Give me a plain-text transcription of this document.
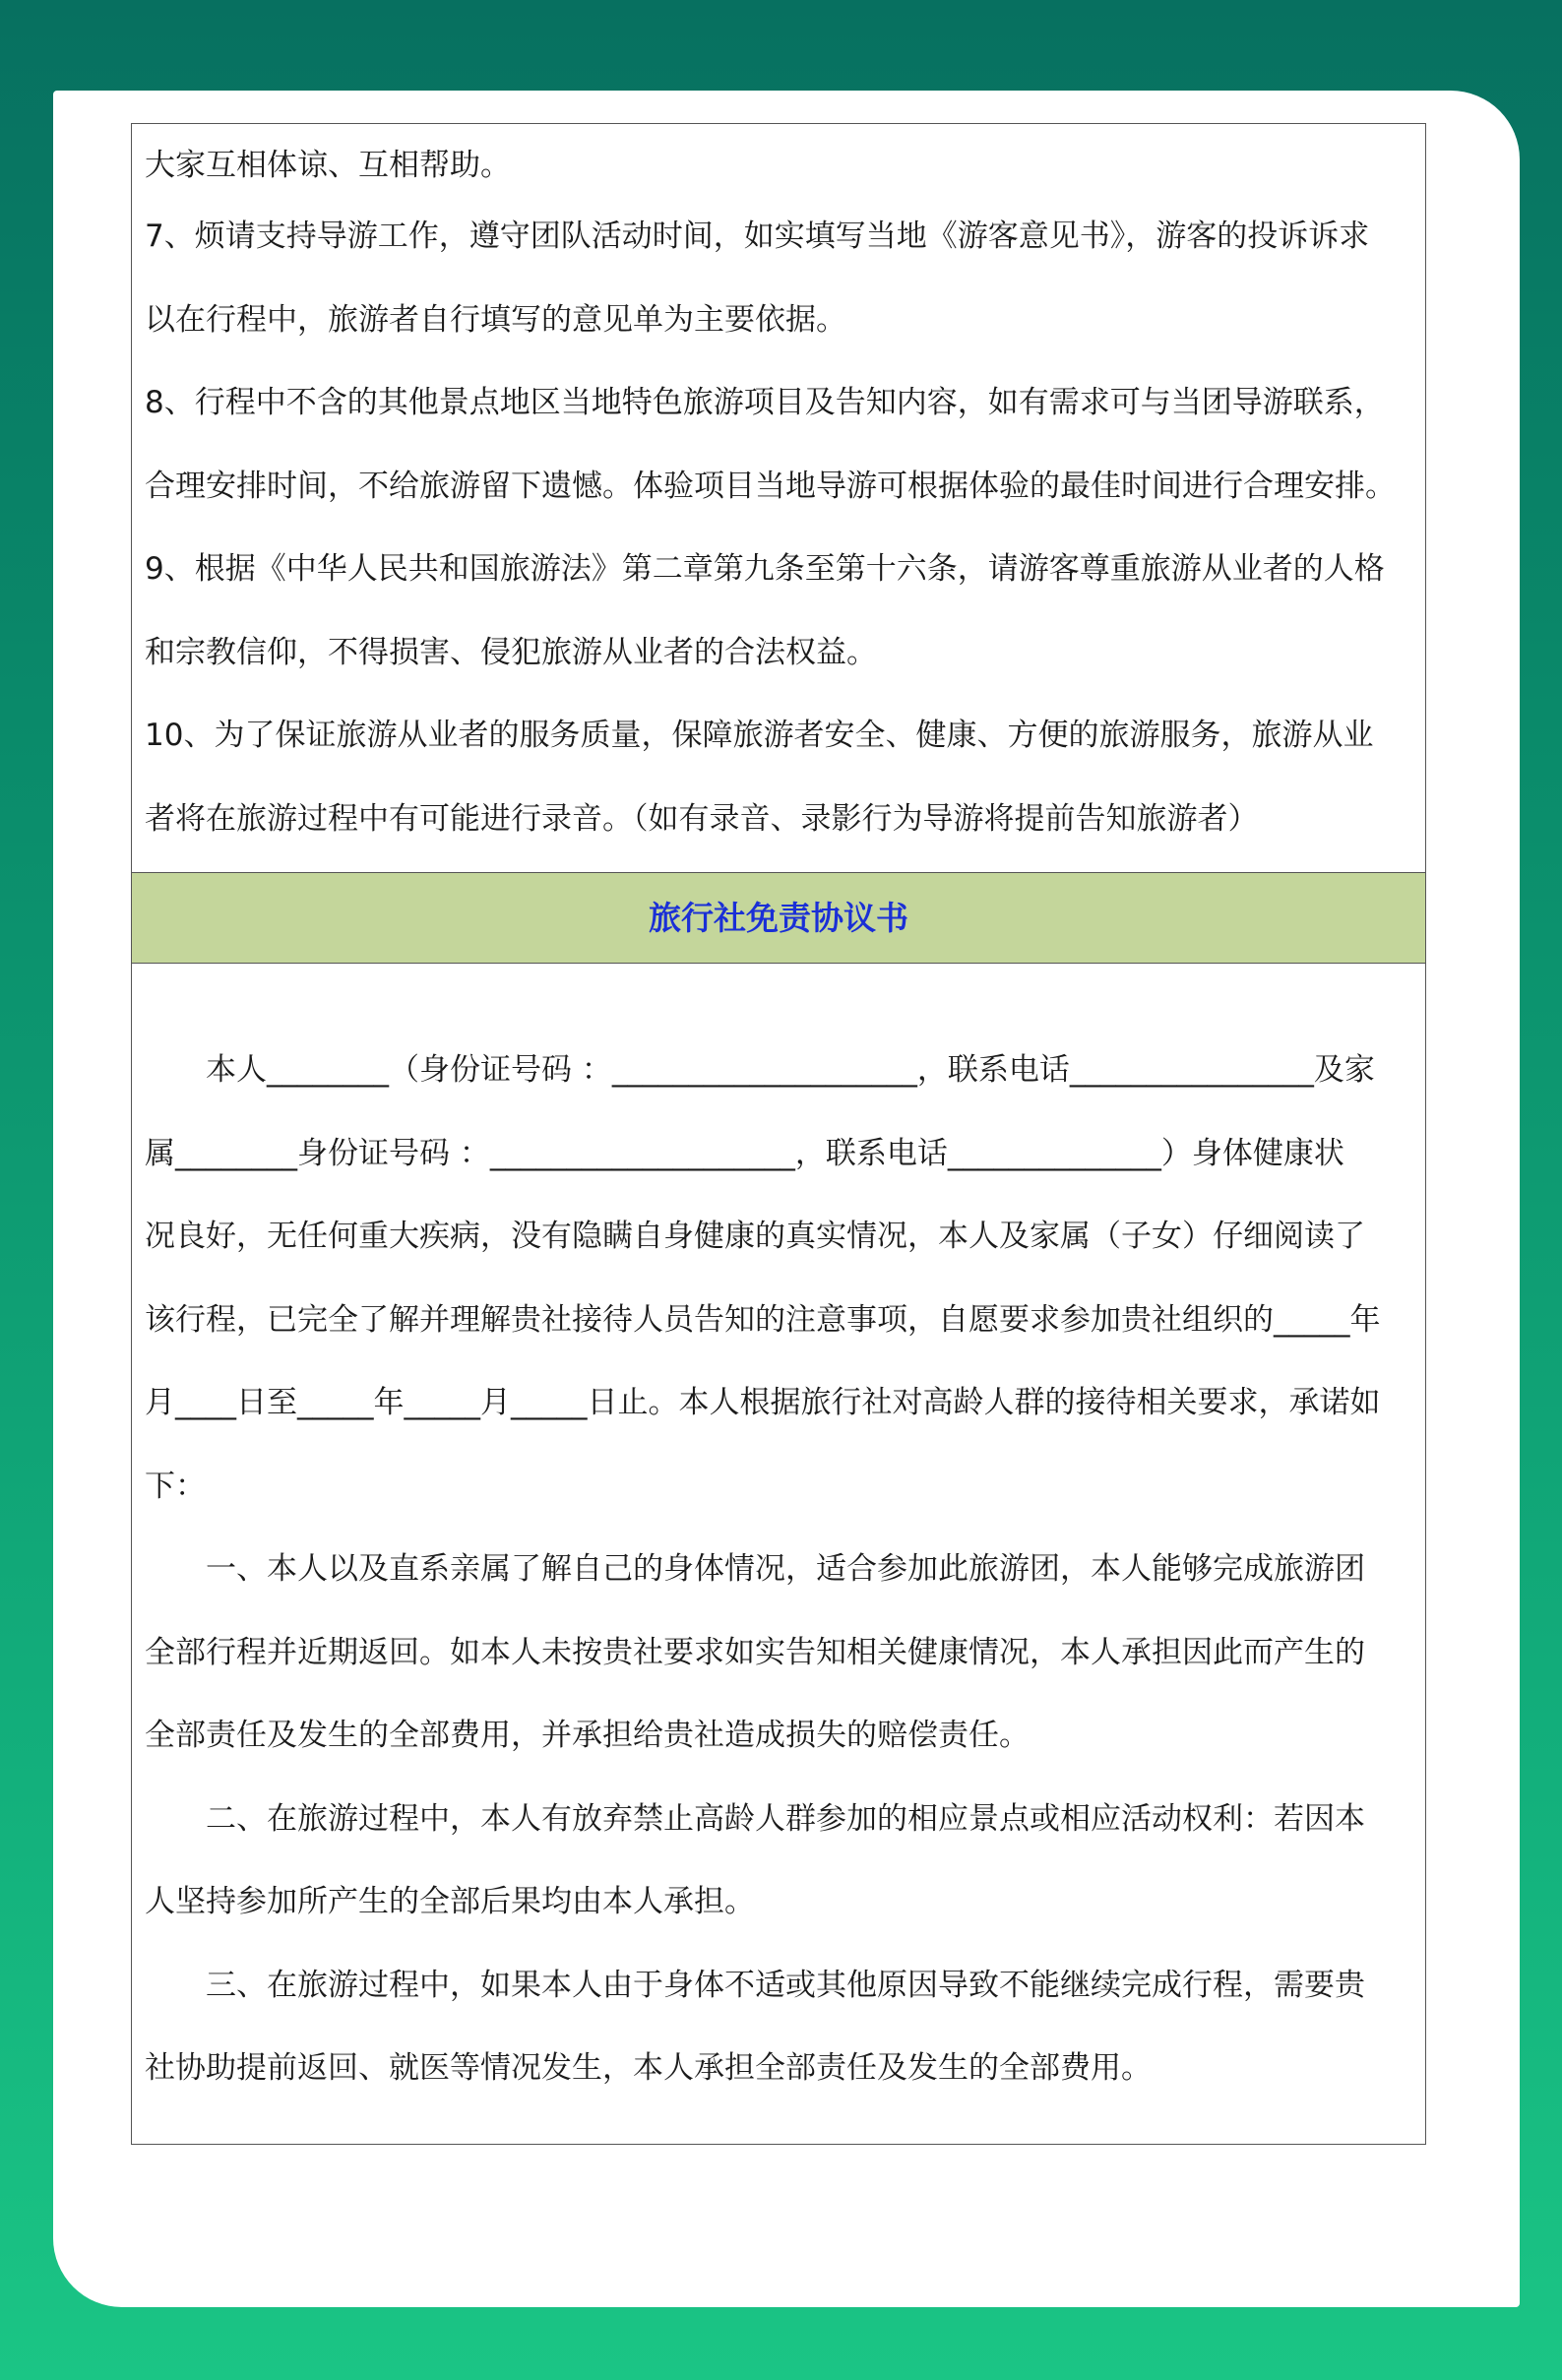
大家互相体谅、互相帮助。
7、烦请支持导游工作，遵守团队活动时间，如实填写当地《游客意见书》，游客的投诉诉求
以在行程中，旅游者自行填写的意见单为主要依据。
8、行程中不含的其他景点地区当地特色旅游项目及告知内容，如有需求可与当团导游联系，
合理安排时间，不给旅游留下遗憾。体验项目当地导游可根据体验的最佳时间进行合理安排。
9、根据《中华人民共和国旅游法》第二章第九条至第十六条，请游客尊重旅游从业者的人格
和宗教信仰，不得损害、侵犯旅游从业者的合法权益。
10、为了保证旅游从业者的服务质量，保障旅游者安全、健康、方便的旅游服务，旅游从业
者将在旅游过程中有可能进行录音。（如有录音、录影行为导游将提前告知旅游者）
旅行社免责协议书
本人________（身份证号码 ：____________________，联系电话________________及家
属________身份证号码 ：____________________，联系电话______________）身体健康状
况良好，无任何重大疾病，没有隐瞒自身健康的真实情况，本人及家属（子女）仔细阅读了
该行程，已完全了解并理解贵社接待人员告知的注意事项，自愿要求参加贵社组织的_____年
月____日至_____年_____月_____日止。本人根据旅行社对高龄人群的接待相关要求，承诺如
下：
一、本人以及直系亲属了解自己的身体情况，适合参加此旅游团，本人能够完成旅游团
全部行程并近期返回。如本人未按贵社要求如实告知相关健康情况，本人承担因此而产生的
全部责任及发生的全部费用，并承担给贵社造成损失的赔偿责任。
二、在旅游过程中，本人有放弃禁止高龄人群参加的相应景点或相应活动权利：若因本
人坚持参加所产生的全部后果均由本人承担。
三、在旅游过程中，如果本人由于身体不适或其他原因导致不能继续完成行程，需要贵
社协助提前返回、就医等情况发生，本人承担全部责任及发生的全部费用。
